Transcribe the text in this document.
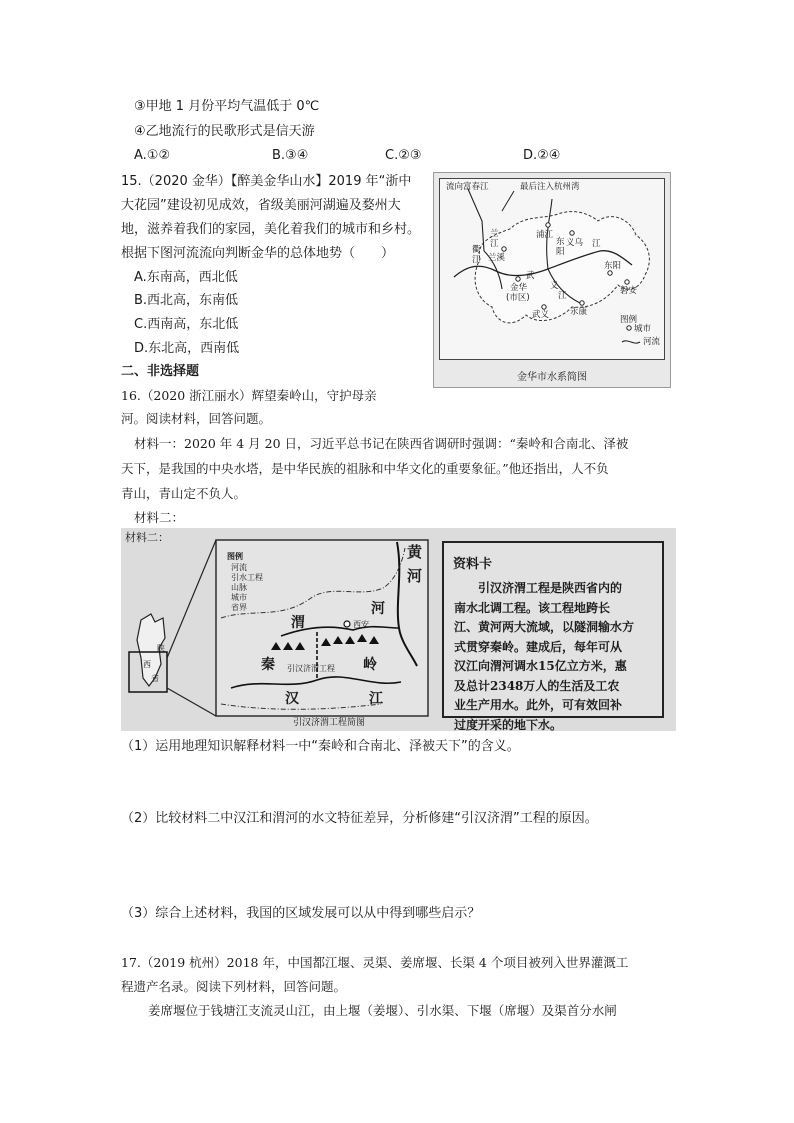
③甲地 1 月份平均气温低于 0℃
④乙地流行的民歌形式是信天游
A.①②	B.③④	C.②③	D.②④
15.（2020 金华）【醉美金华山水】2019 年“浙中
大花园”建设初见成效，省级美丽河湖遍及婺州大
地，滋养着我们的家园，美化着我们的城市和乡村。
根据下图河流流向判断金华的总体地势（　　）
A.东南高，西北低
B.西北高，东南低
C.西南高，东北低
D.东北高，西南低
流向富春江	最后注入杭州湾
浦江
义乌
兰溪
东阳
金华
(市区)
武义 永康
磐安
武
义
江
东阳
江
衢江
兰江
图例
城市
河流
金华市水系简图
二、非选择题
16.（2020 浙江丽水）辉望秦岭山，守护母亲
河。阅读材料，回答问题。
材料一：2020 年 4 月 20 日，习近平总书记在陕西省调研时强调：“秦岭和合南北、泽被
天下，是我国的中央水塔，是中华民族的祖脉和中华文化的重要象征。”他还指出，人不负
青山，青山定不负人。
材料二：
图例
河流
引水工程
山脉
城市
省界
材料二：
陕
西
省
黄
河
河
渭
秦	岭
汉	江
西安
引汉济渭工程
引汉济渭工程简图
资料卡
　　引汉济渭工程是陕西省内的
南水北调工程。该工程地跨长
江、黄河两大流域，以隧洞输水方
式贯穿秦岭。建成后，每年可从
汉江向渭河调水15亿立方米，惠
及总计2348万人的生活及工农
业生产用水。此外，可有效回补
过度开采的地下水。
（1）运用地理知识解释材料一中“秦岭和合南北、泽被天下”的含义。
（2）比较材料二中汉江和渭河的水文特征差异，分析修建“引汉济渭”工程的原因。
（3）综合上述材料，我国的区域发展可以从中得到哪些启示？
17.（2019 杭州）2018 年，中国都江堰、灵渠、姜席堰、长渠 4 个项目被列入世界灌溉工
程遗产名录。阅读下列材料，回答问题。
姜席堰位于钱塘江支流灵山江，由上堰（姜堰）、引水渠、下堰（席堰）及渠首分水闸
